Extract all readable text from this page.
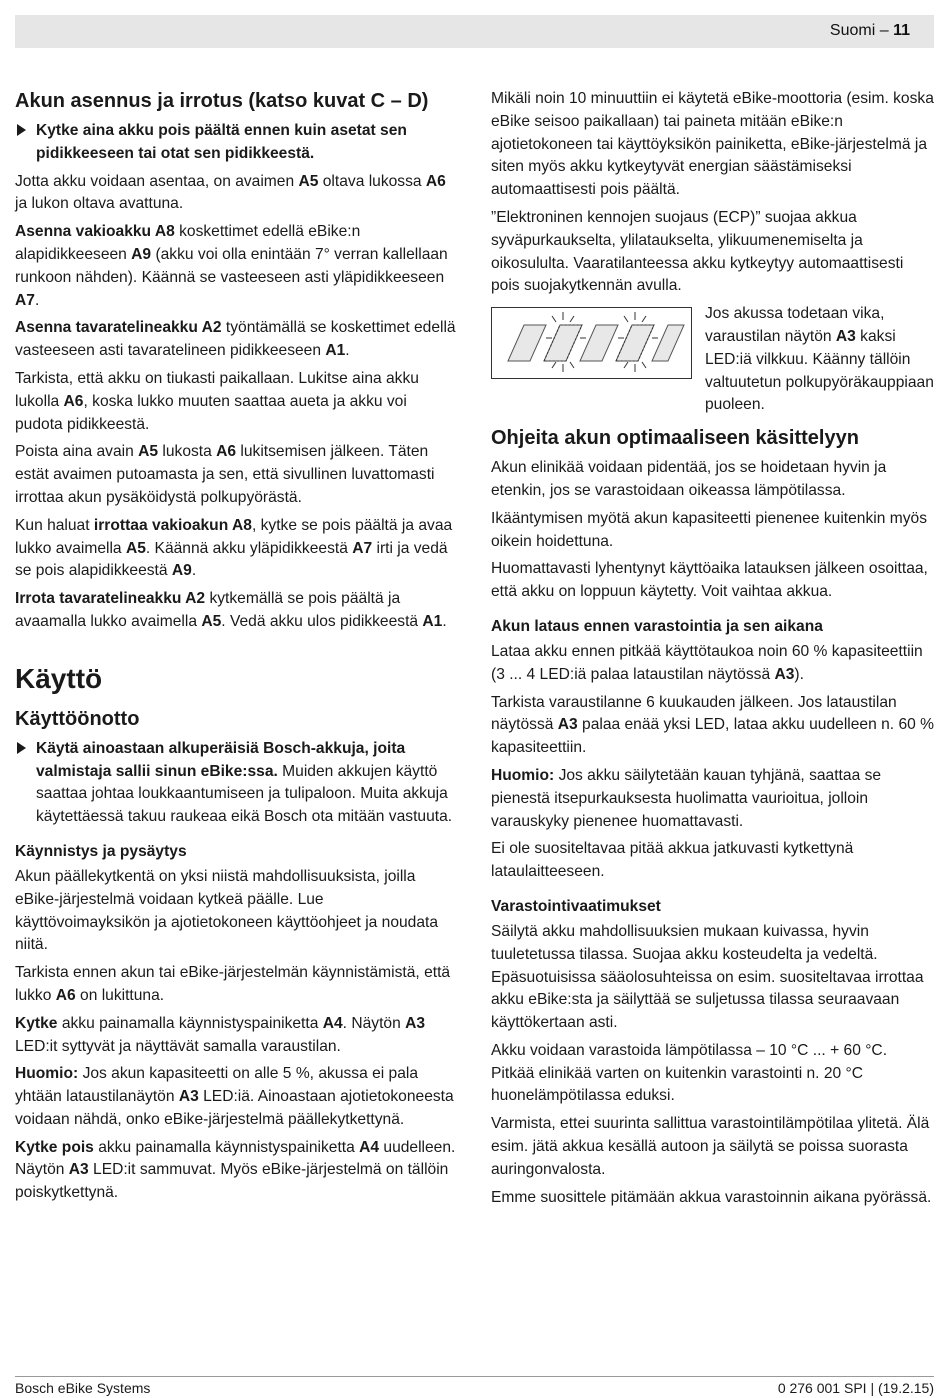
Suomi – 11
Akun asennus ja irrotus (katso kuvat C – D)
Kytke aina akku pois päältä ennen kuin asetat sen pidikkeeseen tai otat sen pidikkeestä.

Jotta akku voidaan asentaa, on avaimen A5 oltava lukossa A6 ja lukon oltava avattuna.

Asenna vakioakku A8 koskettimet edellä eBike:n alapidikkeeseen A9 (akku voi olla enintään 7° verran kallellaan runkoon nähden). Käännä se vasteeseen asti yläpidikkeeseen A7.

Asenna tavaratelineakku A2 työntämällä se koskettimet edellä vasteeseen asti tavaratelineen pidikkeeseen A1.

Tarkista, että akku on tiukasti paikallaan. Lukitse aina akku lukolla A6, koska lukko muuten saattaa aueta ja akku voi pudota pidikkeestä.

Poista aina avain A5 lukosta A6 lukitsemisen jälkeen. Täten estät avaimen putoamasta ja sen, että sivullinen luvattomasti irrottaa akun pysäköidystä polkupyörästä.

Kun haluat irrottaa vakioakun A8, kytke se pois päältä ja avaa lukko avaimella A5. Käännä akku yläpidikkeestä A7 irti ja vedä se pois alapidikkeestä A9.

Irrota tavaratelineakku A2 kytkemällä se pois päältä ja avaamalla lukko avaimella A5. Vedä akku ulos pidikkeestä A1.

Käyttö
Käyttöönotto
Käytä ainoastaan alkuperäisiä Bosch-akkuja, joita valmistaja sallii sinun eBike:ssa. Muiden akkujen käyttö saattaa johtaa loukkaantumiseen ja tulipaloon. Muita akkuja käytettäessä takuu raukeaa eikä Bosch ota mitään vastuuta.
Käynnistys ja pysäytys

Akun päällekytkentä on yksi niistä mahdollisuuksista, joilla eBike-järjestelmä voidaan kytkeä päälle. Lue käyttövoimayksikön ja ajotietokoneen käyttöohjeet ja noudata niitä.

Tarkista ennen akun tai eBike-järjestelmän käynnistämistä, että lukko A6 on lukittuna.

Kytke akku painamalla käynnistyspainiketta A4. Näytön A3 LED:it syttyvät ja näyttävät samalla varaustilan.

Huomio: Jos akun kapasiteetti on alle 5 %, akussa ei pala yhtään lataustilanäytön A3 LED:iä. Ainoastaan ajotietokoneesta voidaan nähdä, onko eBike-järjestelmä päällekytkettynä.

Kytke pois akku painamalla käynnistyspainiketta A4 uudelleen. Näytön A3 LED:it sammuvat. Myös eBike-järjestelmä on tällöin poiskytkettynä.

Mikäli noin 10 minuuttiin ei käytetä eBike-moottoria (esim. koska eBike seisoo paikallaan) tai paineta mitään eBike:n ajotietokoneen tai käyttöyksikön painiketta, eBike-järjestelmä ja siten myös akku kytkeytyvät energian säästämiseksi automaattisesti pois päältä.

”Elektroninen kennojen suojaus (ECP)” suojaa akkua syväpurkaukselta, ylilataukselta, ylikuumenemiselta ja oikosululta. Vaaratilanteessa akku kytkeytyy automaattisesti pois suojakytkennän avulla.

Jos akussa todetaan vika, varaustilan näytön A3 kaksi LED:iä vilkkuu. Käänny tällöin valtuutetun polkupyöräkauppiaan puoleen.

Ohjeita akun optimaaliseen käsittelyyn

Akun elinikää voidaan pidentää, jos se hoidetaan hyvin ja etenkin, jos se varastoidaan oikeassa lämpötilassa.

Ikääntymisen myötä akun kapasiteetti pienenee kuitenkin myös oikein hoidettuna.

Huomattavasti lyhentynyt käyttöaika latauksen jälkeen osoittaa, että akku on loppuun käytetty. Voit vaihtaa akkua.

Akun lataus ennen varastointia ja sen aikana

Lataa akku ennen pitkää käyttötaukoa noin 60 % kapasiteettiin (3 ... 4 LED:iä palaa lataustilan näytössä A3).

Tarkista varaustilanne 6 kuukauden jälkeen. Jos lataustilan näytössä A3 palaa enää yksi LED, lataa akku uudelleen n. 60 % kapasiteettiin.

Huomio: Jos akku säilytetään kauan tyhjänä, saattaa se pienestä itsepurkauksesta huolimatta vaurioitua, jolloin varauskyky pienenee huomattavasti.

Ei ole suositeltavaa pitää akkua jatkuvasti kytkettynä lataulaitteeseen.

Varastointivaatimukset

Säilytä akku mahdollisuuksien mukaan kuivassa, hyvin tuuletetussa tilassa. Suojaa akku kosteudelta ja vedeltä. Epäsuotuisissa sääolosuhteissa on esim. suositeltavaa irrottaa akku eBike:sta ja säilyttää se suljetussa tilassa seuraavaan käyttökertaan asti.

Akku voidaan varastoida lämpötilassa – 10 °C ... + 60 °C. Pitkää elinikää varten on kuitenkin varastointi n. 20 °C huonelämpötilassa eduksi.

Varmista, ettei suurinta sallittua varastointilämpötilaa ylitetä. Älä esim. jätä akkua kesällä autoon ja säilytä se poissa suorasta auringonvalosta.

Emme suosittele pitämään akkua varastoinnin aikana pyörässä.

Bosch eBike Systems	0 276 001 SPI | (19.2.15)
